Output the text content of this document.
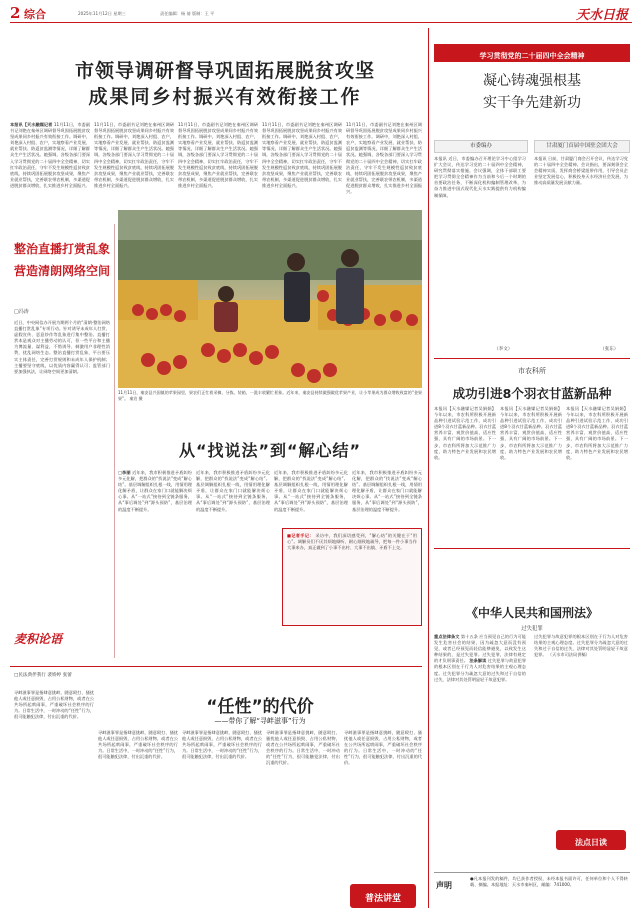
2 综合	2025年11月12日 星期三	责任编辑：杨 倩 版制：王 平	天水日报
市领导调研督导巩固拓展脱贫攻坚
成果同乡村振兴有效衔接工作
本报讯【天水融媒记者 11月11日，市委副书记刘艳在秦州区调研督导巩固拓展脱贫攻坚成果同乡村振兴有效衔接工作。调研中，刘艳深入村组、农户，实地察看产业发展、就业帮扶、防返贫监测等情况，详细了解群众生产生活状况。她强调，各级各部门要深入学习贯彻党的二十届四中全会精神，切实扛牢政治责任，守牢不发生规模性返贫致贫底线，持续巩固拓展脱贫攻坚成果，聚焦产业就业帮扶，完善联农带农机制，多渠道促进脱贫群众增收，扎实推进乡村全面振兴。
11月11日，市委副书记刘艳在秦州区调研督导巩固拓展脱贫攻坚成果同乡村振兴有效衔接工作。调研中，刘艳深入村组、农户，实地察看产业发展、就业帮扶、防返贫监测等情况，详细了解群众生产生活状况。她强调，各级各部门要深入学习贯彻党的二十届四中全会精神，切实扛牢政治责任，守牢不发生规模性返贫致贫底线，持续巩固拓展脱贫攻坚成果，聚焦产业就业帮扶，完善联农带农机制，多渠道促进脱贫群众增收，扎实推进乡村全面振兴。
11月11日，市委副书记刘艳在秦州区调研督导巩固拓展脱贫攻坚成果同乡村振兴有效衔接工作。调研中，刘艳深入村组、农户，实地察看产业发展、就业帮扶、防返贫监测等情况，详细了解群众生产生活状况。她强调，各级各部门要深入学习贯彻党的二十届四中全会精神，切实扛牢政治责任，守牢不发生规模性返贫致贫底线，持续巩固拓展脱贫攻坚成果，聚焦产业就业帮扶，完善联农带农机制，多渠道促进脱贫群众增收，扎实推进乡村全面振兴。
11月11日，市委副书记刘艳在秦州区调研督导巩固拓展脱贫攻坚成果同乡村振兴有效衔接工作。调研中，刘艳深入村组、农户，实地察看产业发展、就业帮扶、防返贫监测等情况，详细了解群众生产生活状况。她强调，各级各部门要深入学习贯彻党的二十届四中全会精神，切实扛牢政治责任，守牢不发生规模性返贫致贫底线，持续巩固拓展脱贫攻坚成果，聚焦产业就业帮扶，完善联农带农机制，多渠道促进脱贫群众增收，扎实推进乡村全面振兴。
11月11日，市委副书记刘艳在秦州区调研督导巩固拓展脱贫攻坚成果同乡村振兴有效衔接工作。调研中，刘艳深入村组、农户，实地察看产业发展、就业帮扶、防返贫监测等情况，详细了解群众生产生活状况。她强调，各级各部门要深入学习贯彻党的二十届四中全会精神，切实扛牢政治责任，守牢不发生规模性返贫致贫底线，持续巩固拓展脱贫攻坚成果，聚焦产业就业帮扶，完善联农带农机制，多渠道促进脱贫群众增收，扎实推进乡村全面振兴。
11月11日，秦安县兴国镇的苹果园里，果农们正忙着采摘、分拣、装箱，一派丰收繁忙景象。近年来，秦安县持续做强做优苹果产业，让小苹果成为群众增收致富的“金果果”。 秦宣 摄
整治直播打赏乱象
营造清朗网络空间
□冯涛
近日，中央网信办开展为期两个月的“清朗·整治网络直播打赏乱象”专项行动。针对诱导未成年人打赏、虚假宣传、恶意炒作等乱象进行集中整治。直播打赏本是观众对主播劳动的认可，但一些平台和主播为博流量、谋利益，不惜诱导、刺激用户非理性消费，扰乱网络生态。整治直播打赏乱象，平台要压实主体责任，完善打赏规则和未成年人保护机制；主播要坚守底线，以优质内容赢得认可；监管部门要加强执法，让网络空间更加清朗。
麦积论语
从“找说法”到“解心结”
□李丽 近年来，我市积极推进矛盾纠纷多元化解，把群众的“找说法”变成“解心结”。基层调解组织扎根一线，用情用理化解矛盾，让群众在家门口就能解决烦心事。从“一站式”接待到全链条服务，从“事后调处”到“源头预防”，基层治理的温度不断提升。
近年来，我市积极推进矛盾纠纷多元化解，把群众的“找说法”变成“解心结”。基层调解组织扎根一线，用情用理化解矛盾，让群众在家门口就能解决烦心事。从“一站式”接待到全链条服务，从“事后调处”到“源头预防”，基层治理的温度不断提升。
近年来，我市积极推进矛盾纠纷多元化解，把群众的“找说法”变成“解心结”。基层调解组织扎根一线，用情用理化解矛盾，让群众在家门口就能解决烦心事。从“一站式”接待到全链条服务，从“事后调处”到“源头预防”，基层治理的温度不断提升。
■记者手记： 采访中，我们深切感受到，“解心结”的关键在于“用心”。调解员们不厌其烦地倾听、耐心细致地疏导，把每一件小事当作大事来办，真正做到了小事不出村、大事不出镇、矛盾不上交。
近年来，我市积极推进矛盾纠纷多元化解，把群众的“找说法”变成“解心结”。基层调解组织扎根一线，用情用理化解矛盾，让群众在家门口就能解决烦心事。从“一站式”接待到全链条服务，从“事后调处”到“源头预防”，基层治理的温度不断提升。
□民法典伴我行 裴娇婷 张蕾
“任性”的代价
——带你了解“寻衅滋事”行为
寻衅滋事罪是指肆意挑衅，随意殴打、骚扰他人或任意损毁、占用公私财物，或者在公共场所起哄闹事，严重破坏社会秩序的行为。日常生活中，一时冲动的“任性”行为，很可能触犯法律，付出沉重的代价。
寻衅滋事罪是指肆意挑衅，随意殴打、骚扰他人或任意损毁、占用公私财物，或者在公共场所起哄闹事，严重破坏社会秩序的行为。日常生活中，一时冲动的“任性”行为，很可能触犯法律，付出沉重的代价。
寻衅滋事罪是指肆意挑衅，随意殴打、骚扰他人或任意损毁、占用公私财物，或者在公共场所起哄闹事，严重破坏社会秩序的行为。日常生活中，一时冲动的“任性”行为，很可能触犯法律，付出沉重的代价。
寻衅滋事罪是指肆意挑衅，随意殴打、骚扰他人或任意损毁、占用公私财物，或者在公共场所起哄闹事，严重破坏社会秩序的行为。日常生活中，一时冲动的“任性”行为，很可能触犯法律，付出沉重的代价。
寻衅滋事罪是指肆意挑衅，随意殴打、骚扰他人或任意损毁、占用公私财物，或者在公共场所起哄闹事，严重破坏社会秩序的行为。日常生活中，一时冲动的“任性”行为，很可能触犯法律，付出沉重的代价。
普法讲堂
学习贯彻党的二十届四中全会精神
凝心铸魂强根基
实干争先建新功
市委编办	甘肃厦门首届中国驻会团大会
本报讯 近日，市委编办召开理论学习中心组学习扩大会议，传达学习党的二十届四中全会精神，研究贯彻落实措施。会议强调，全体干部职工要把学习贯彻全会精神作为当前和今后一个时期的首要政治任务，不断深化机构编制管理改革，为奋力推进中国式现代化天水实践提供有力机构编制保障。
（李文）
本报讯 日前，甘肃厦门商会召开会议，传达学习党的二十届四中全会精神。会议指出，要深刻领会全会精神实质，发挥商会桥梁纽带作用，引导会员企业坚定发展信心，积极投身天水经济社会发展，为推动高质量发展贡献力量。
（张东）
市农科所
成功引进8个羽衣甘蓝新品种
本报讯【天水融媒记者吴娟娟】今年以来，市农科所积极开展新品种引进试验示范工作，成功引进8个羽衣甘蓝新品种。羽衣甘蓝营养丰富、观赏价值高，适应性强，具有广阔的市场前景。下一步，市农科所将加大示范推广力度，助力特色产业发展和农民增收。
本报讯【天水融媒记者吴娟娟】今年以来，市农科所积极开展新品种引进试验示范工作，成功引进8个羽衣甘蓝新品种。羽衣甘蓝营养丰富、观赏价值高，适应性强，具有广阔的市场前景。下一步，市农科所将加大示范推广力度，助力特色产业发展和农民增收。
本报讯【天水融媒记者吴娟娟】今年以来，市农科所积极开展新品种引进试验示范工作，成功引进8个羽衣甘蓝新品种。羽衣甘蓝营养丰富、观赏价值高，适应性强，具有广阔的市场前景。下一步，市农科所将加大示范推广力度，助力特色产业发展和农民增收。
《中华人民共和国刑法》
过失犯罪
重点法律条文 第十五条 应当预见自己的行为可能发生危害社会的结果，因为疏忽大意而没有预见，或者已经预见而轻信能够避免，以致发生这种结果的，是过失犯罪。过失犯罪，法律有规定的才负刑事责任。 法条解读 过失犯罪与故意犯罪的根本区别在于行为人对危害结果的主观心理态度。过失犯罪分为疏忽大意的过失和过于自信的过失，法律对其处罚明显轻于故意犯罪。
过失犯罪与故意犯罪的根本区别在于行为人对危害结果的主观心理态度。过失犯罪分为疏忽大意的过失和过于自信的过失，法律对其处罚明显轻于故意犯罪。 （天水市司法局供稿）
法点日读
声明
●凡本报刊发的稿件，均已获作者授权，未经本报书面许可，任何单位和个人不得转载、摘编。本报地址：天水市秦州区，邮编：741000。
